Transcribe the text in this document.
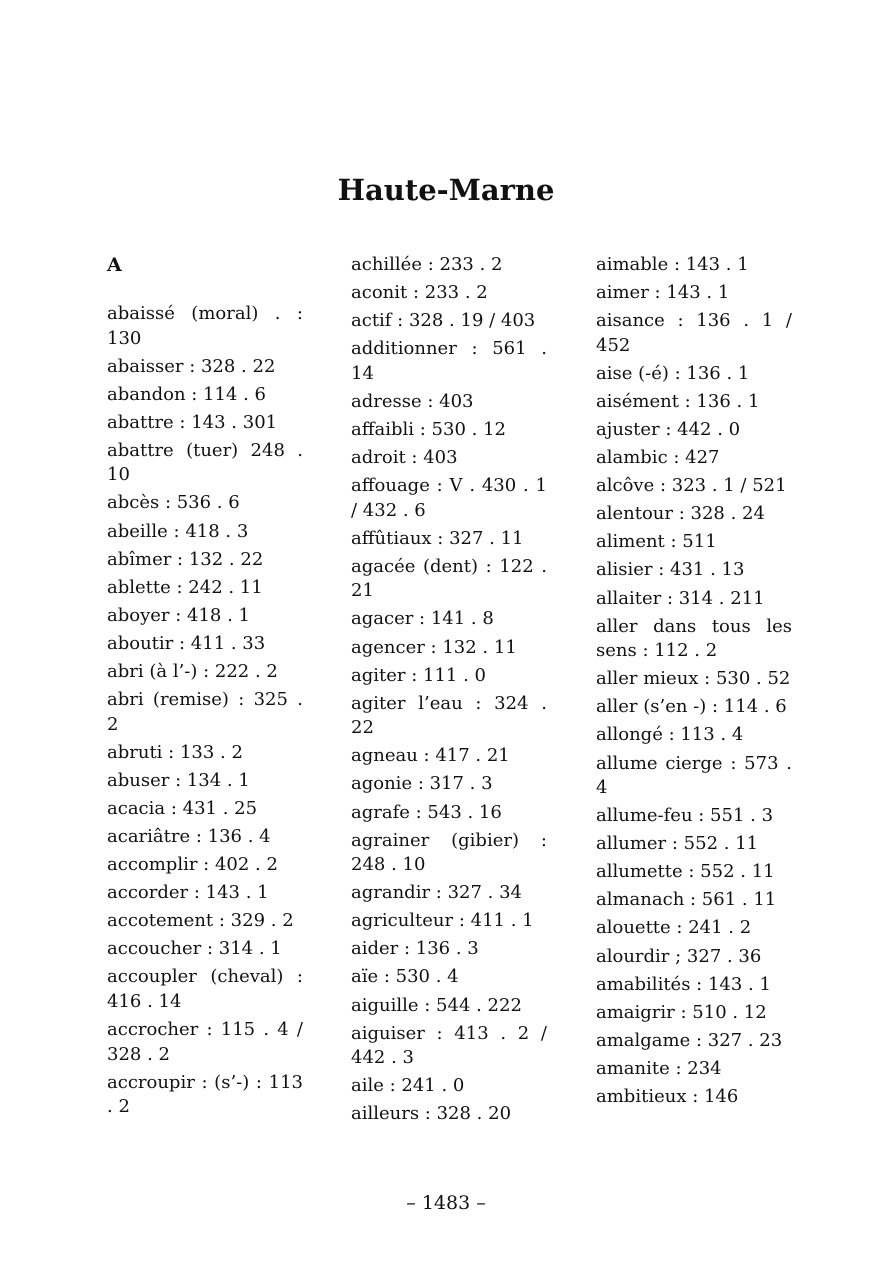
Haute-Marne
A
abaissé (moral) . : 130
abaisser : 328 . 22
abandon : 114 . 6
abattre : 143 . 301
abattre (tuer) 248 . 10
abcès : 536 . 6
abeille : 418 . 3
abîmer : 132 . 22
ablette : 242 . 11
aboyer : 418 . 1
aboutir : 411 . 33
abri (à l’-) : 222 . 2
abri (remise) : 325 . 2
abruti : 133 . 2
abuser : 134 . 1
acacia : 431 . 25
acariâtre : 136 . 4
accomplir : 402 . 2
accorder : 143 . 1
accotement : 329 . 2
accoucher : 314 . 1
accoupler (cheval) : 416 . 14
accrocher : 115 . 4 / 328 . 2
accroupir : (s’-) : 113 . 2
achillée : 233 . 2
aconit : 233 . 2
actif : 328 . 19 / 403
additionner : 561 . 14
adresse : 403
affaibli : 530 . 12
adroit : 403
affouage : V . 430 . 1 / 432 . 6
affûtiaux : 327 . 11
agacée (dent) : 122 . 21
agacer : 141 . 8
agencer : 132 . 11
agiter : 111 . 0
agiter l’eau : 324 . 22
agneau : 417 . 21
agonie : 317 . 3
agrafe : 543 . 16
agrainer (gibier) : 248 . 10
agrandir : 327 . 34
agriculteur : 411 . 1
aider : 136 . 3
aïe : 530 . 4
aiguille : 544 . 222
aiguiser : 413 . 2 / 442 . 3
aile : 241 . 0
ailleurs : 328 . 20
aimable : 143 . 1
aimer : 143 . 1
aisance : 136 . 1 / 452
aise (-é) : 136 . 1
aisément : 136 . 1
ajuster : 442 . 0
alambic : 427
alcôve : 323 . 1 / 521
alentour : 328 . 24
aliment : 511
alisier : 431 . 13
allaiter : 314 . 211
aller dans tous les sens : 112 . 2
aller mieux : 530 . 52
aller (s’en -) : 114 . 6
allongé : 113 . 4
allume cierge : 573 . 4
allume-feu : 551 . 3
allumer : 552 . 11
allumette : 552 . 11
almanach : 561 . 11
alouette : 241 . 2
alourdir ; 327 . 36
amabilités : 143 . 1
amaigrir : 510 . 12
amalgame : 327 . 23
amanite : 234
ambitieux : 146
– 1483 –
